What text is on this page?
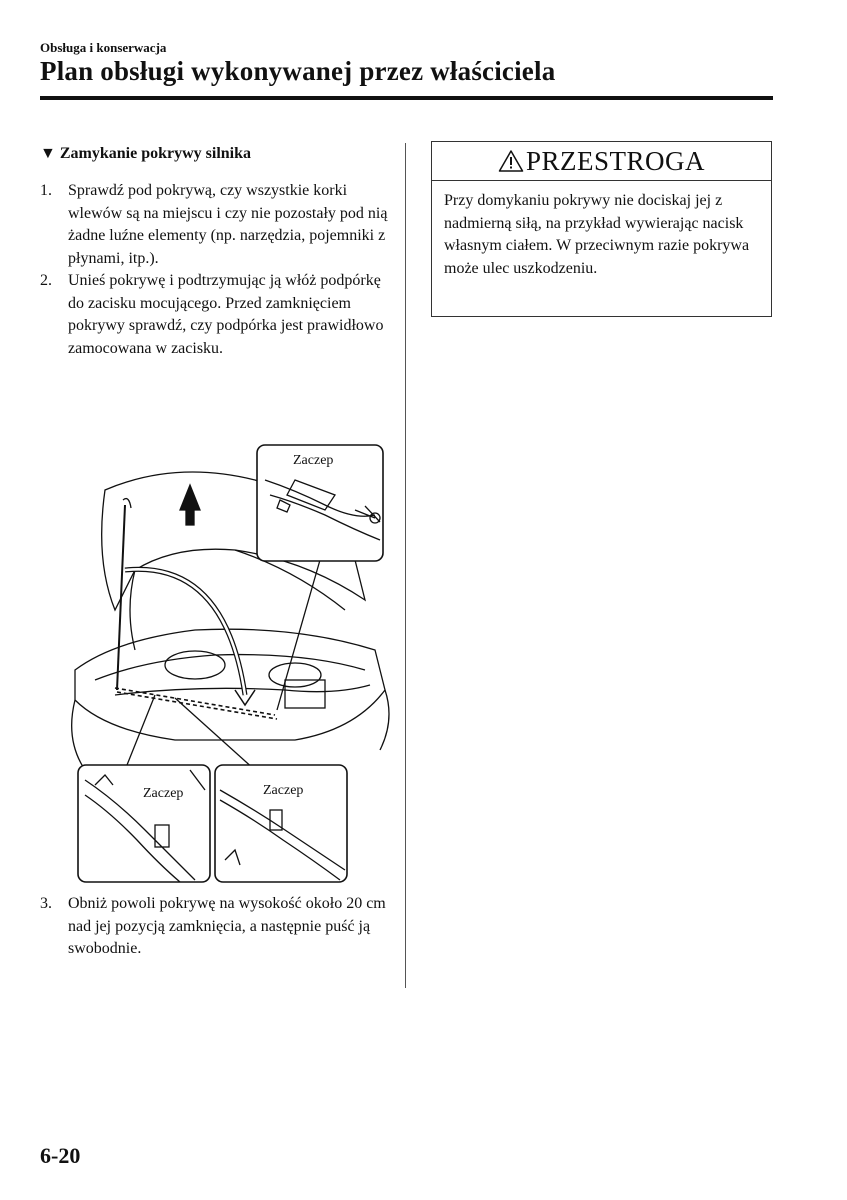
Obsługa i konserwacja
Plan obsługi wykonywanej przez właściciela
▼ Zamykanie pokrywy silnika
1.	Sprawdź pod pokrywą, czy wszystkie korki wlewów są na miejscu i czy nie pozostały pod nią żadne luźne elementy (np. narzędzia, pojemniki z płynami, itp.).
2.	Unieś pokrywę i podtrzymując ją włóż podpórkę do zacisku mocującego. Przed zamknięciem pokrywy sprawdź, czy podpórka jest prawidłowo zamocowana w zacisku.
Zaczep
Zaczep	Zaczep
3.	Obniż powoli pokrywę na wysokość około 20 cm nad jej pozycją zamknięcia, a następnie puść ją swobodnie.
PRZESTROGA
Przy domykaniu pokrywy nie dociskaj jej z nadmierną siłą, na przykład wywierając nacisk własnym ciałem. W przeciwnym razie pokrywa może ulec uszkodzeniu.
6-20
